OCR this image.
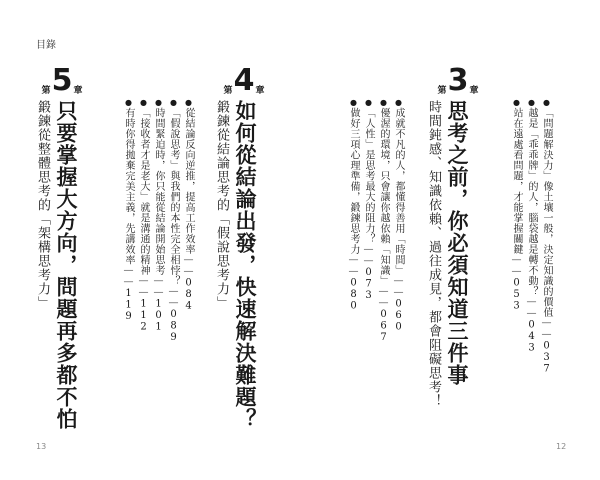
目錄
第5章
只要掌握大方向，問題再多都不怕
鍛鍊從整體思考的「架構思考力」	●從結論反向逆推，提高工作效率——084
●「假說思考」與我們的本性完全相悖？——089
●時間緊迫時，你只能從結論開始思考——101
●「接收者才是老大」就是溝通的精神——112
●有時你得拋棄完美主義，先講效率——119
第4章
如何從結論出發，快速解決難題？
鍛鍊從結論思考的「假說思考力」
13
●成就不凡的人，都懂得善用「時間」——060
●優渥的環境，只會讓你越依賴「知識」——067
●「人性」是思考最大的阻力？——073
●做好三項心理準備，鍛鍊思考力——080
第3章
思考之前，你必須知道三件事
時間鈍感、知識依賴、過往成見，都會阻礙思考！	●「問題解決力」像土壤一般，決定知識的價值——037
●越是「乖乖牌」的人，腦袋越是轉不動？——043
●站在遠處看問題，才能掌握關鍵——053
12
